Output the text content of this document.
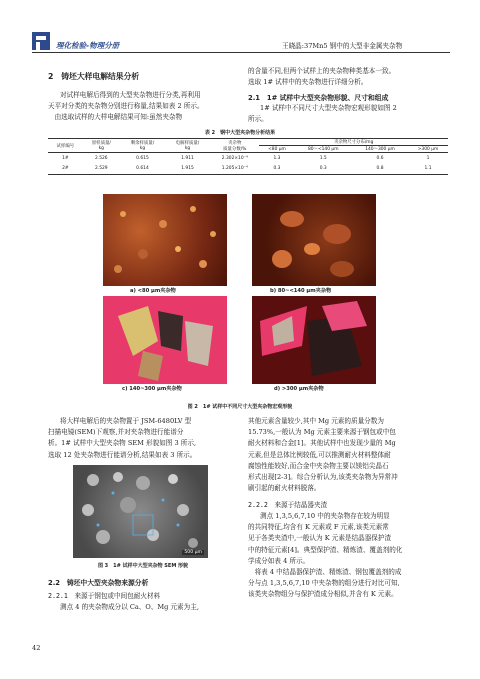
理化检验-物理分册	王晓晶:37Mn5 钢中的大型非金属夹杂物
2　铸坯大样电解结果分析
对试样电解后得到的大型夹杂物进行分类,再利用
天平对分类的夹杂物分别进行称量,结果如表 2 所示。
　由选取试样的大样电解结果可知:虽然夹杂物
的含量不同,但两个试样上的夹杂物种类基本一致。
选取 1# 试样中的夹杂物进行详细分析。
2.1　1# 试样中大型夹杂物形貌、尺寸和组成
1# 试样中不同尺寸大型夹杂物宏观形貌如图 2
所示。
表 2　钢中大型夹杂物分析结果
试样编号	原样质量/
kg	剩余样质量/
kg	电解样质量/
kg	夹杂物
质量分数/%	夹杂物尺寸分布/mg			
					<80 μm	80～<140 μm	140～300 μm	>300 μm
1#	2.526	0.615	1.911	2.302×10⁻⁴	1.3	1.5	0.6	1
2#	2.529	0.614	1.915	1.205×10⁻⁴	0.3	0.3	0.8	1.1
a) <80 μm夹杂物	b) 80~<140 μm夹杂物
c) 140~300 μm夹杂物	d) >300 μm夹杂物
图 2　1# 试样中不同尺寸大型夹杂物宏观形貌
将大样电解后的夹杂物置于 JSM-6480LV 型
扫描电镜(SEM)下观察,并对夹杂物进行能谱分
析。1# 试样中大型夹杂物 SEM 形貌如图 3 所示,
选取 12 处夹杂物进行能谱分析,结果如表 3 所示。
500 μm
图 3　1# 试样中大型夹杂物 SEM 形貌
2.2　铸坯中大型夹杂物来源分析
2.2.1　来源于钢包或中间包耐火材料
测点 4 的夹杂物成分以 Ca、O、Mg 元素为主,
其他元素含量较少,其中 Mg 元素的质量分数为
15.73%,一般认为 Mg 元素主要来源于钢包或中包
耐火材料和合金[1]。其他试样中也发现少量的 Mg
元素,但是总体比例较低,可以推测耐火材料整体耐
腐蚀性能较好,而合金中夹杂物主要以镁铝尖晶石
形式出现[2-3]。综合分析认为,该类夹杂物为异常冲
刷引起的耐火材料脱落。
2.2.2　来源于结晶器夹渣
测点 1,3,5,6,7,10 中的夹杂物存在较为明显
的共同特征,均含有 K 元素或 F 元素,该类元素常
见于各类夹渣中,一般认为 K 元素是结晶器保护渣
中的特征元素[4]。典型保护渣、精炼渣、覆盖剂的化
学成分如表 4 所示。
　将表 4 中结晶器保护渣、精炼渣、钢包覆盖剂的成
分与点 1,3,5,6,7,10 中夹杂物的组分进行对比可知,
该类夹杂物组分与保护渣成分相似,并含有 K 元素。
42
